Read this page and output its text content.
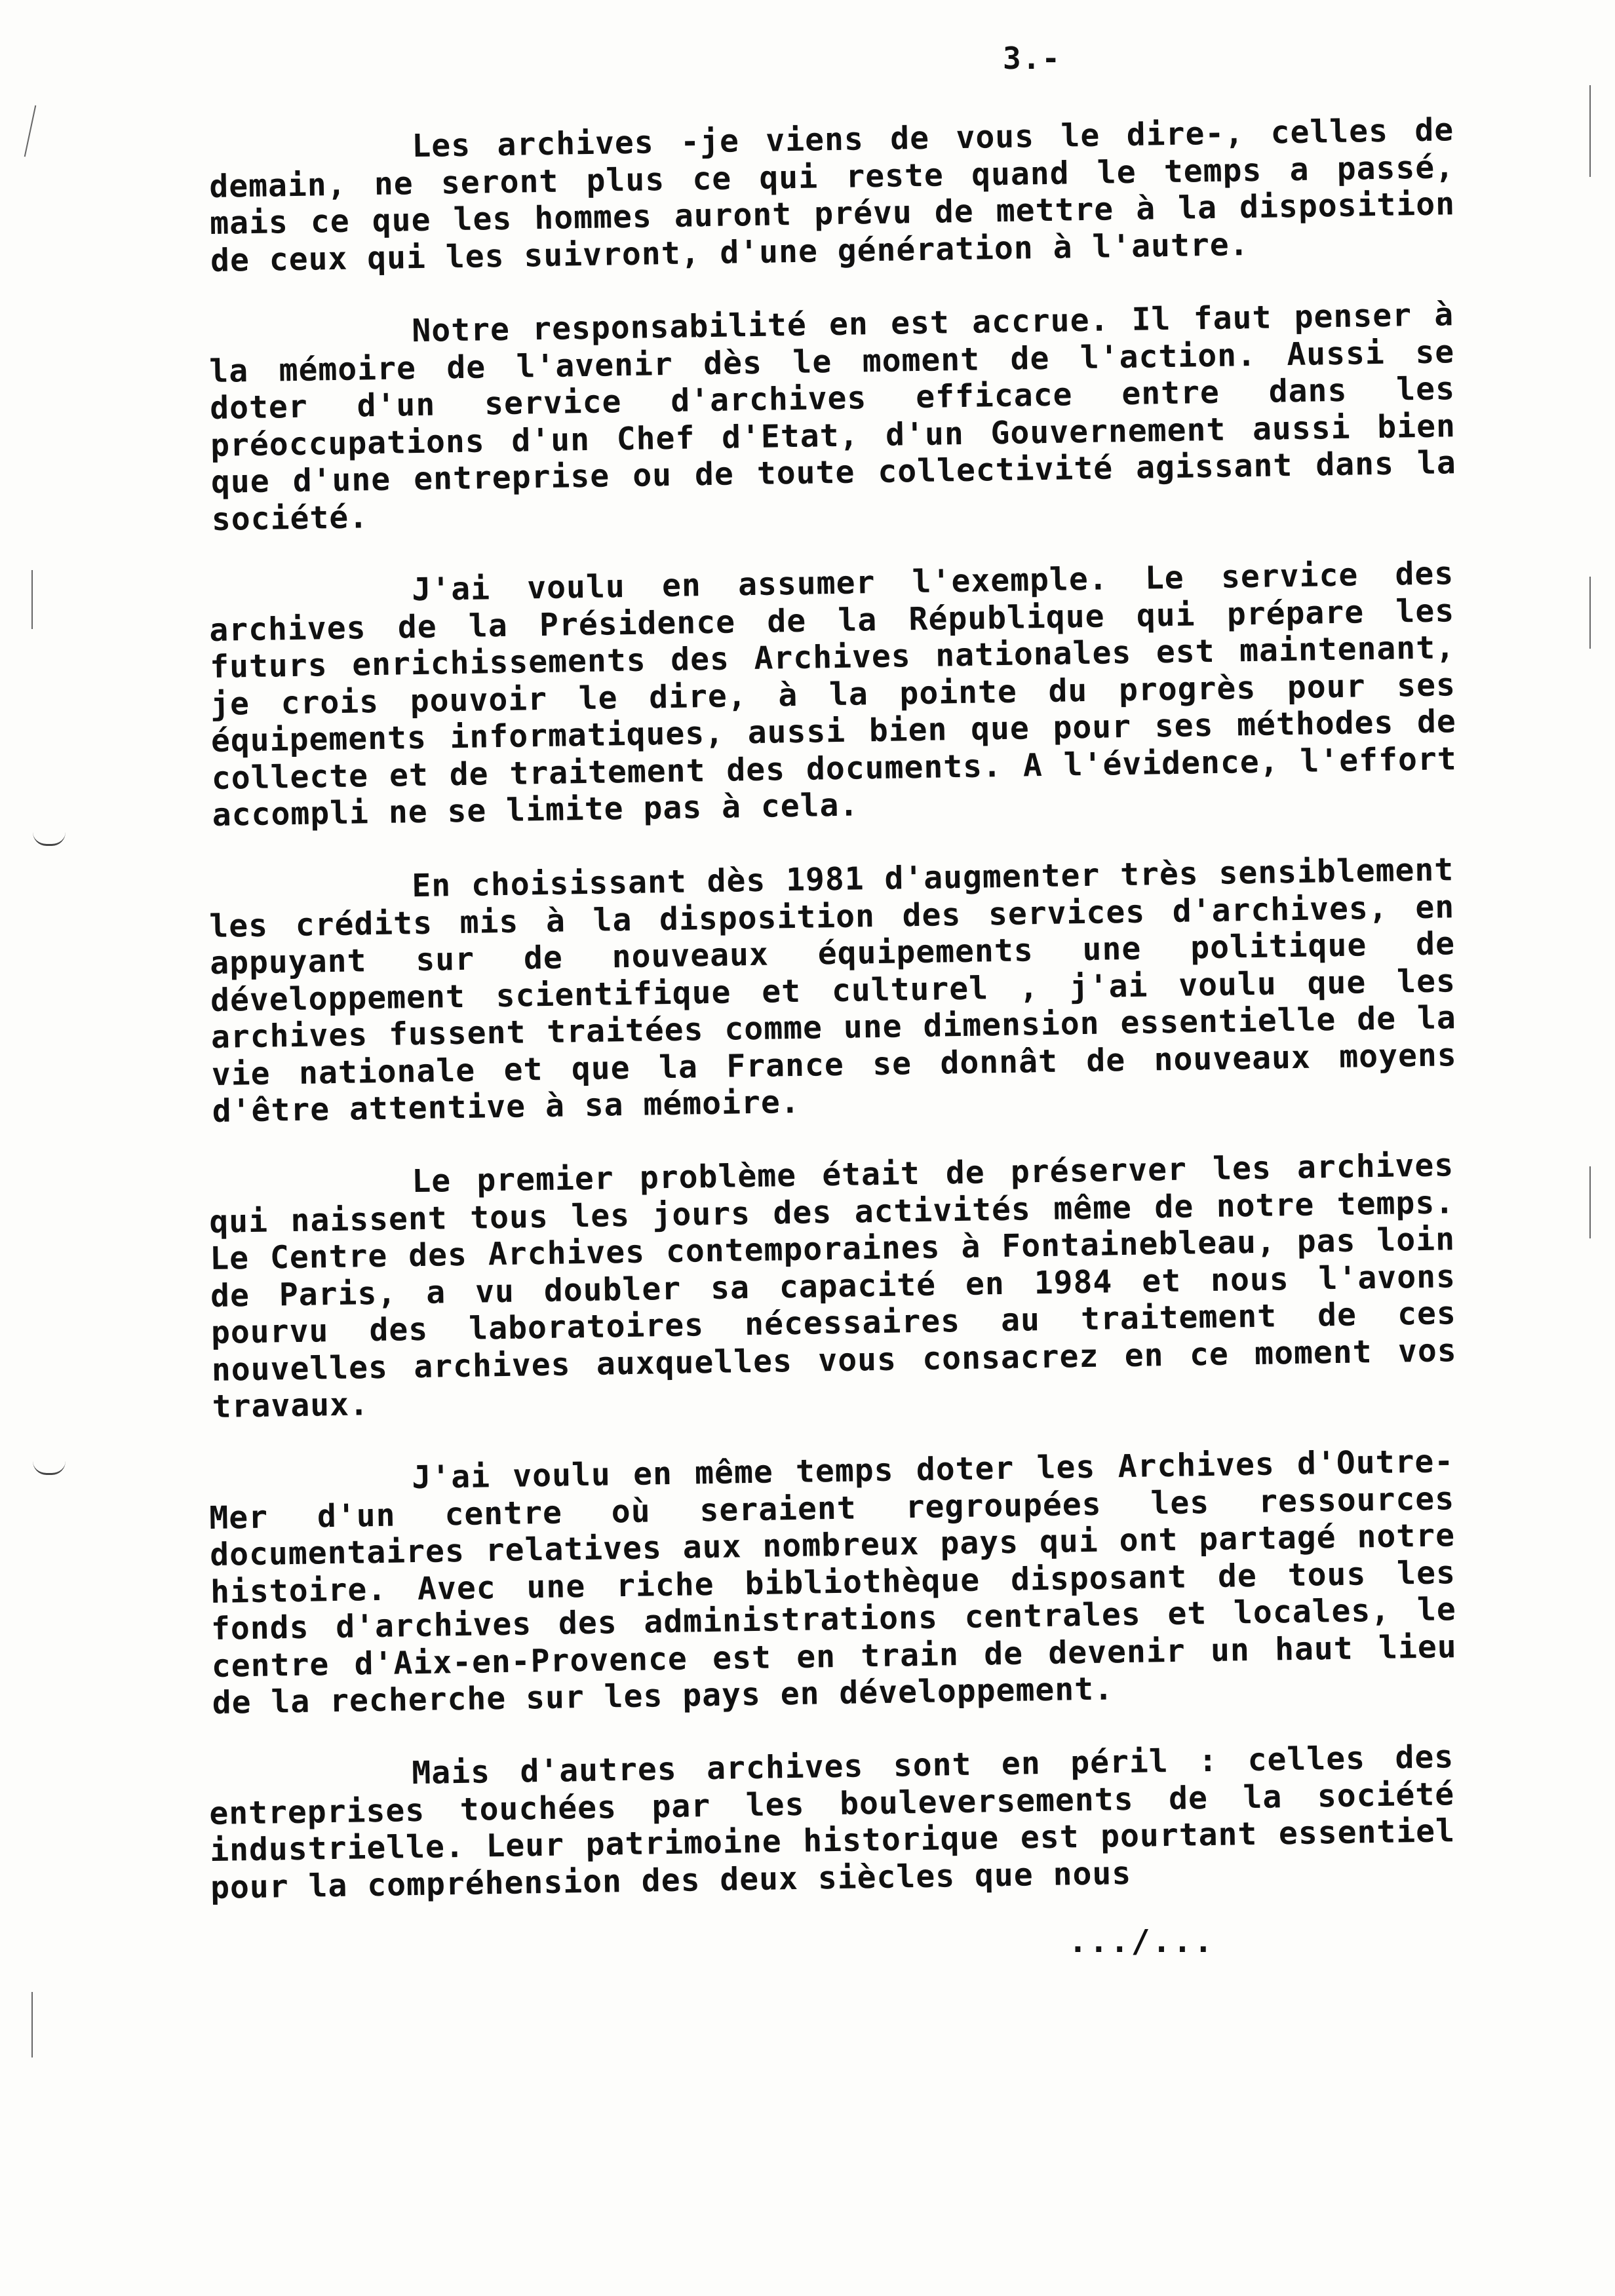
3.-

Les archives -je viens de vous le dire-, celles de demain, ne seront plus ce qui reste quand le temps a passé, mais ce que les hommes auront prévu de mettre à la disposition de ceux qui les suivront, d'une génération à l'autre.

Notre responsabilité en est accrue. Il faut penser à la mémoire de l'avenir dès le moment de l'action. Aussi se doter d'un service d'archives efficace entre dans les préoccupations d'un Chef d'Etat, d'un Gouvernement aussi bien que d'une entreprise ou de toute collectivité agissant dans la société.

J'ai voulu en assumer l'exemple. Le service des archives de la Présidence de la République qui prépare les futurs enrichissements des Archives nationales est maintenant, je crois pouvoir le dire, à la pointe du progrès pour ses équipements informatiques, aussi bien que pour ses méthodes de collecte et de traitement des documents. A l'évidence, l'effort accompli ne se limite pas à cela.

En choisissant dès 1981 d'augmenter très sensiblement les crédits mis à la disposition des services d'archives, en appuyant sur de nouveaux équipements une politique de développement scientifique et culturel , j'ai voulu que les archives fussent traitées comme une dimension essentielle de la vie nationale et que la France se donnât de nouveaux moyens d'être attentive à sa mémoire.

Le premier problème était de préserver les archives qui naissent tous les jours des activités même de notre temps. Le Centre des Archives contemporaines à Fontainebleau, pas loin de Paris, a vu doubler sa capacité en 1984 et nous l'avons pourvu des laboratoires nécessaires au traitement de ces nouvelles archives auxquelles vous consacrez en ce moment vos travaux.

J'ai voulu en même temps doter les Archives d'Outre-Mer d'un centre où seraient regroupées les ressources documentaires relatives aux nombreux pays qui ont partagé notre histoire. Avec une riche bibliothèque disposant de tous les fonds d'archives des administrations centrales et locales, le centre d'Aix-en-Provence est en train de devenir un haut lieu de la recherche sur les pays en développement.

Mais d'autres archives sont en péril : celles des entreprises touchées par les bouleversements de la société industrielle. Leur patrimoine historique est pourtant essentiel pour la compréhension des deux siècles que nous

.../...
